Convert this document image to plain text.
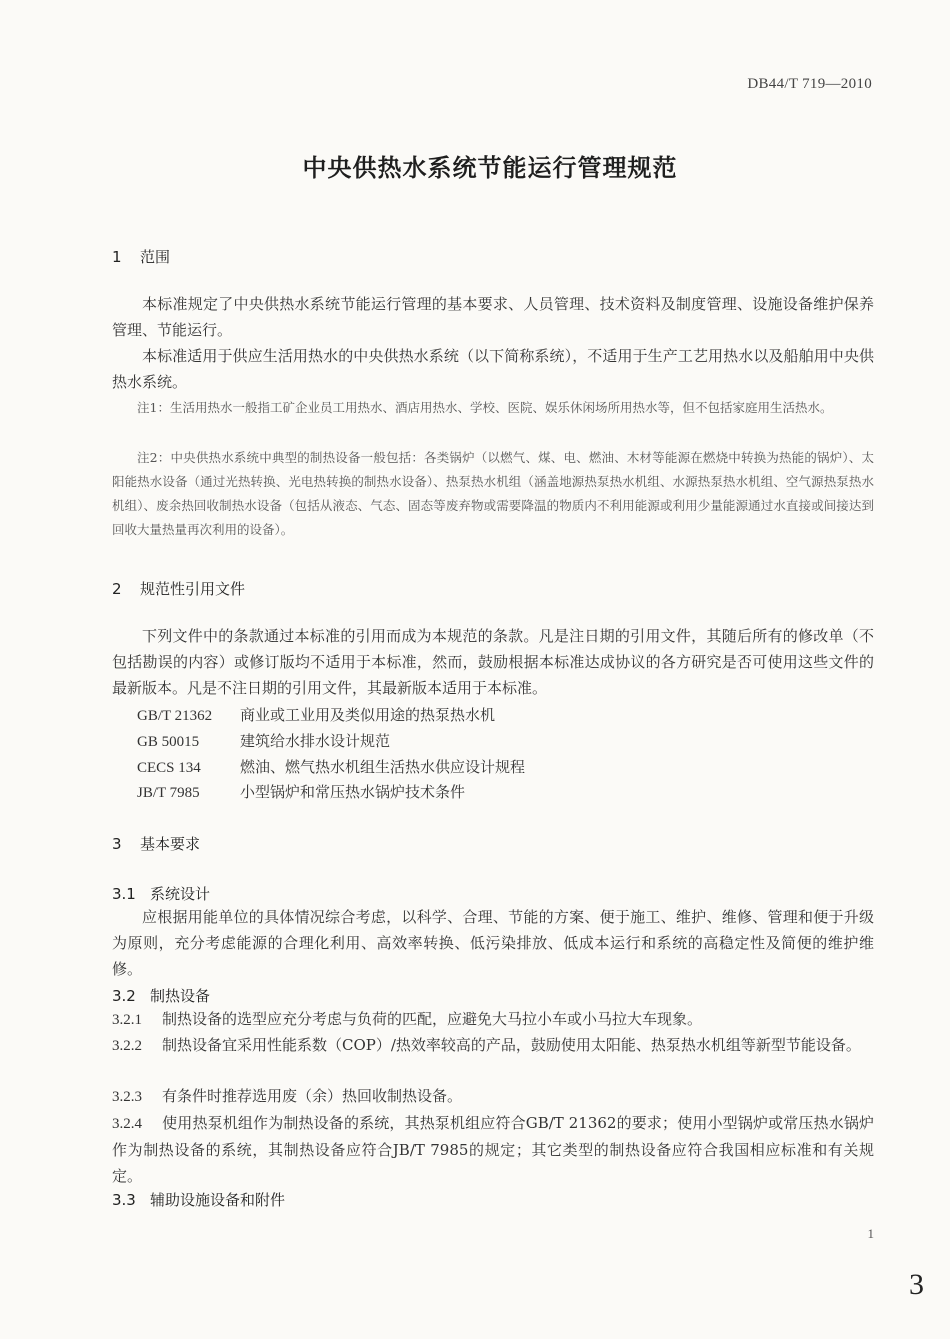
DB44/T 719—2010
中央供热水系统节能运行管理规范
1 范围
本标准规定了中央供热水系统节能运行管理的基本要求、人员管理、技术资料及制度管理、设施设备维护保养管理、节能运行。
本标准适用于供应生活用热水的中央供热水系统（以下简称系统），不适用于生产工艺用热水以及船舶用中央供热水系统。
注1：生活用热水一般指工矿企业员工用热水、酒店用热水、学校、医院、娱乐休闲场所用热水等，但不包括家庭用生活热水。
注2：中央供热水系统中典型的制热设备一般包括：各类锅炉（以燃气、煤、电、燃油、木材等能源在燃烧中转换为热能的锅炉）、太阳能热水设备（通过光热转换、光电热转换的制热水设备）、热泵热水机组（涵盖地源热泵热水机组、水源热泵热水机组、空气源热泵热水机组）、废余热回收制热水设备（包括从液态、气态、固态等废弃物或需要降温的物质内不利用能源或利用少量能源通过水直接或间接达到回收大量热量再次利用的设备）。
2 规范性引用文件
下列文件中的条款通过本标准的引用而成为本规范的条款。凡是注日期的引用文件，其随后所有的修改单（不包括勘误的内容）或修订版均不适用于本标准，然而，鼓励根据本标准达成协议的各方研究是否可使用这些文件的最新版本。凡是不注日期的引用文件，其最新版本适用于本标准。
GB/T 21362 商业或工业用及类似用途的热泵热水机
GB 50015	建筑给水排水设计规范
CECS 134	燃油、燃气热水机组生活热水供应设计规程
JB/T 7985	小型锅炉和常压热水锅炉技术条件
3 基本要求
3.1 系统设计
应根据用能单位的具体情况综合考虑，以科学、合理、节能的方案、便于施工、维护、维修、管理和便于升级为原则，充分考虑能源的合理化利用、高效率转换、低污染排放、低成本运行和系统的高稳定性及简便的维护维修。
3.2 制热设备
3.2.1 制热设备的选型应充分考虑与负荷的匹配，应避免大马拉小车或小马拉大车现象。
3.2.2 制热设备宜采用性能系数（COP）/热效率较高的产品，鼓励使用太阳能、热泵热水机组等新型节能设备。
3.2.3 有条件时推荐选用废（余）热回收制热设备。
3.2.4 使用热泵机组作为制热设备的系统，其热泵机组应符合GB/T 21362的要求；使用小型锅炉或常压热水锅炉作为制热设备的系统，其制热设备应符合JB/T 7985的规定；其它类型的制热设备应符合我国相应标准和有关规定。
3.3 辅助设施设备和附件
1
3
